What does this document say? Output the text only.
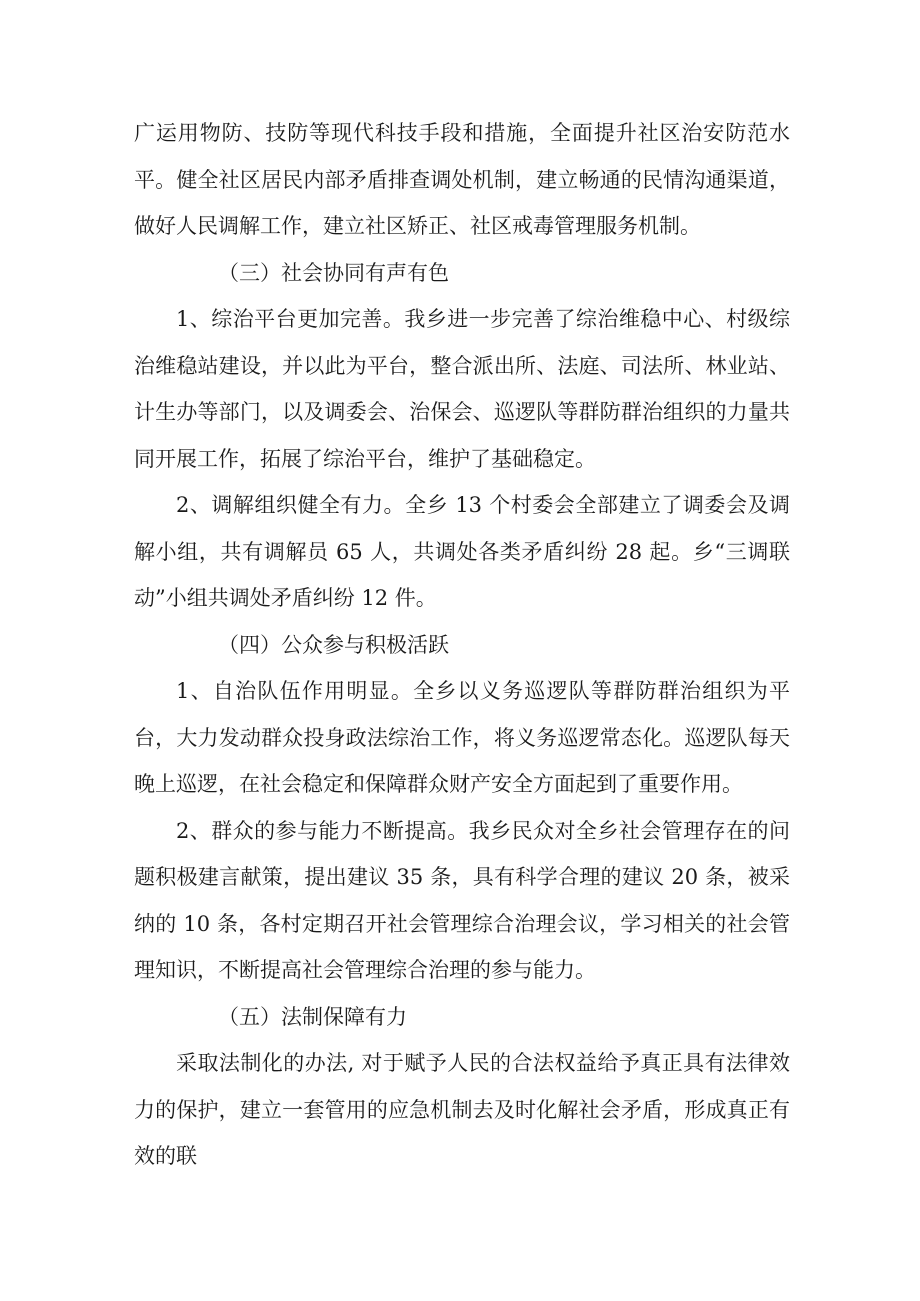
广运用物防、技防等现代科技手段和措施，全面提升社区治安防范水平。健全社区居民内部矛盾排查调处机制，建立畅通的民情沟通渠道，做好人民调解工作，建立社区矫正、社区戒毒管理服务机制。

（三）社会协同有声有色

1、综治平台更加完善。我乡进一步完善了综治维稳中心、村级综治维稳站建设，并以此为平台，整合派出所、法庭、司法所、林业站、计生办等部门，以及调委会、治保会、巡逻队等群防群治组织的力量共同开展工作，拓展了综治平台，维护了基础稳定。

2、调解组织健全有力。全乡 13 个村委会全部建立了调委会及调解小组，共有调解员 65 人，共调处各类矛盾纠纷 28 起。乡“三调联动”小组共调处矛盾纠纷 12 件。

（四）公众参与积极活跃

1、自治队伍作用明显。全乡以义务巡逻队等群防群治组织为平台，大力发动群众投身政法综治工作，将义务巡逻常态化。巡逻队每天晚上巡逻，在社会稳定和保障群众财产安全方面起到了重要作用。

2、群众的参与能力不断提高。我乡民众对全乡社会管理存在的问题积极建言献策，提出建议 35 条，具有科学合理的建议 20 条，被采纳的 10 条，各村定期召开社会管理综合治理会议，学习相关的社会管理知识，不断提高社会管理综合治理的参与能力。

（五）法制保障有力

采取法制化的办法, 对于赋予人民的合法权益给予真正具有法律效力的保护，建立一套管用的应急机制去及时化解社会矛盾，形成真正有效的联
